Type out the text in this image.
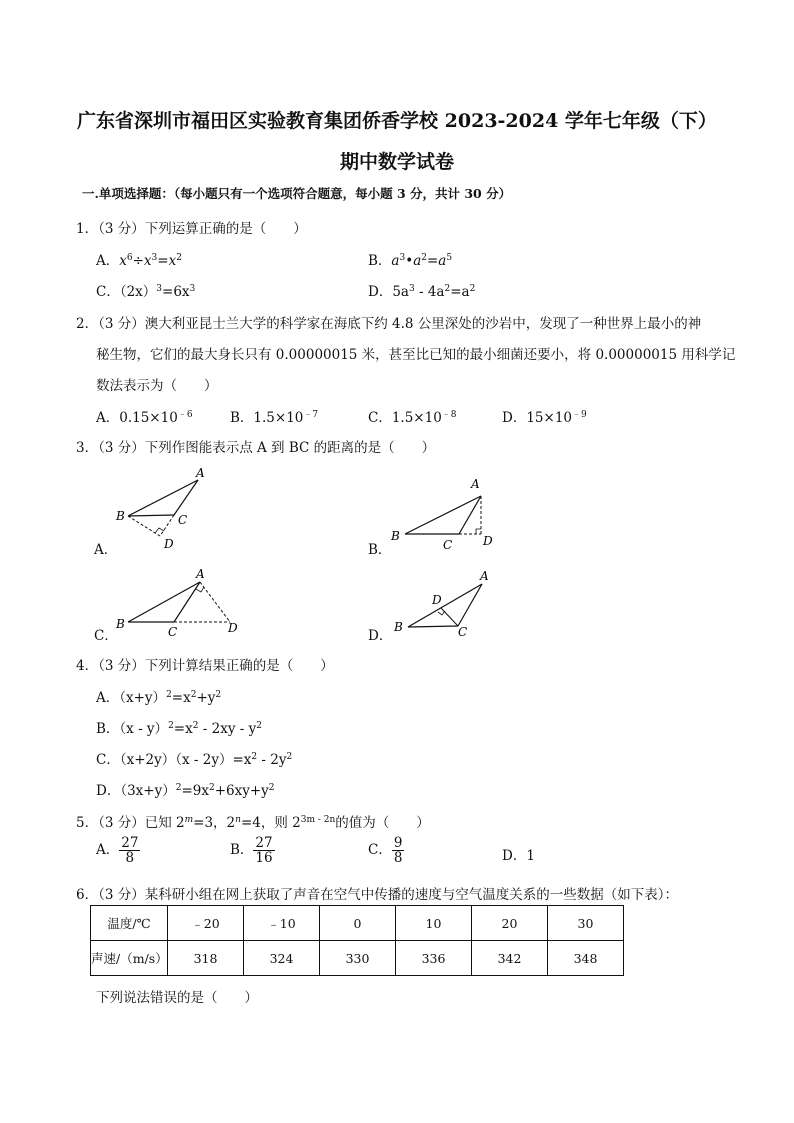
广东省深圳市福田区实验教育集团侨香学校 2023-2024 学年七年级（下）
期中数学试卷
一.单项选择题：（每小题只有一个选项符合题意，每小题 3 分，共计 30 分）
1．（3 分）下列运算正确的是（　　）
A．$x^6\div x^3=x^2$	B．$a^3•a^2=a^5$
C．$(2x)^3=6x^3$	D．$5a^3 - 4a^2=a^2$
2．（3 分）澳大利亚昆士兰大学的科学家在海底下约 4.8 公里深处的沙岩中，发现了一种世界上最小的神
秘生物，它们的最大身长只有 0.00000015 米，甚至比已知的最小细菌还要小，将 0.00000015 用科学记
数法表示为（　　）
A．$0.15\times 10^{﹣6}$	B．$1.5\times 10^{﹣7}$	C．$1.5\times 10^{﹣8}$	D．$15\times 10^{﹣9}$
3．（3 分）下列作图能表示点 A 到 BC 的距离的是（　　）
A．
A
B	C
D	B．
A
B
C	D
C．
A
B
C	D	D．
A
B	C
D
4．（3 分）下列计算结果正确的是（　　）
A．$(x+y)^2=x^2+y^2$
B．$(x - y)^2=x^2 - 2xy - y^2$
C．$(x+2y)(x - 2y)=x^2 - 2y^2$
D．$(3x+y)^2=9x^2+6xy+y^2$
5．（3 分）已知 $2^m=3$，$2^n=4$，则 $2^{3m - 2n}$的值为（　　）
A． $\frac{27}{8}$	B． $\frac{27}{16}$	C． $\frac{9}{8}$	D．1
6．（3 分）某科研小组在网上获取了声音在空气中传播的速度与空气温度关系的一些数据（如下表）：
温度/℃	﹣20	﹣10	0	10	20	30
声速/（m/s）	318	324	330	336	342	348
下列说法错误的是（　　）
